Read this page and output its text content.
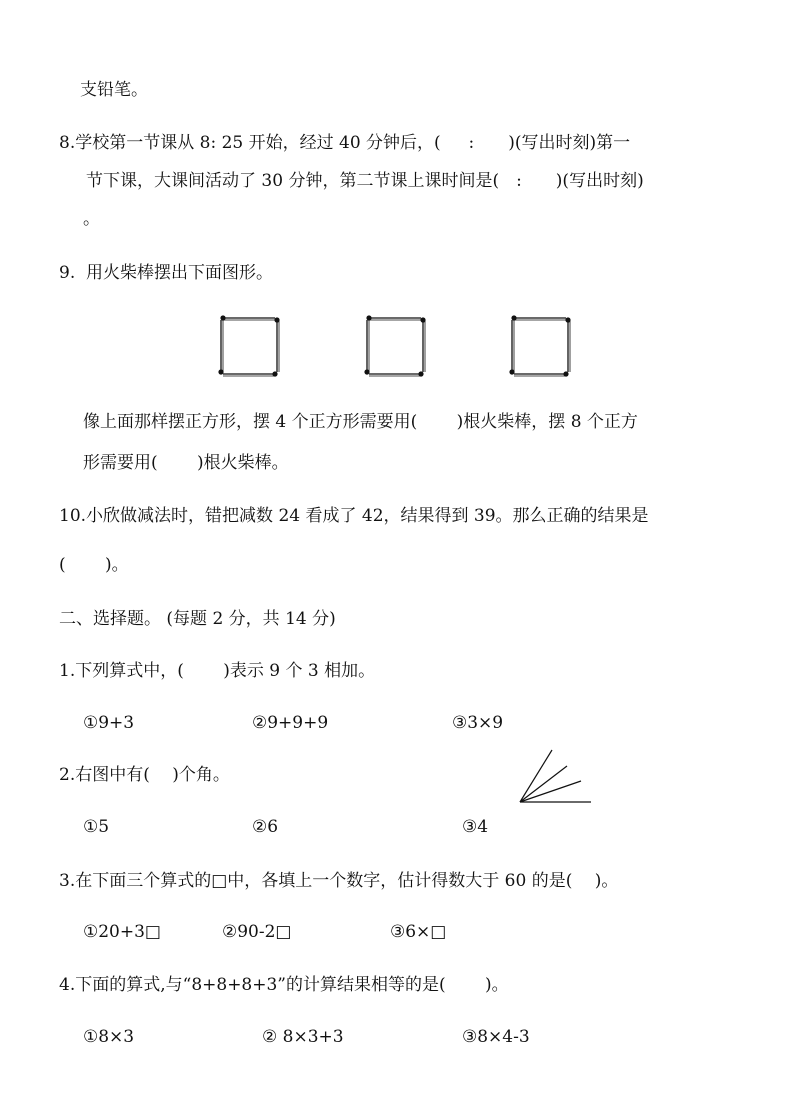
支铅笔。
8.学校第一节课从 8: 25 开始，经过 40 分钟后，(　  :　　)(写出时刻)第一
节下课，大课间活动了 30 分钟，第二节课上课时间是(　:　　)(写出时刻)
。
9.  用火柴棒摆出下面图形。
像上面那样摆正方形，摆 4 个正方形需要用(　　 )根火柴棒，摆 8 个正方
形需要用(　　 )根火柴棒。
10.小欣做减法时，错把减数 24 看成了 42，结果得到 39。那么正确的结果是
(　　 )。
二、选择题。 (每题 2 分，共 14 分)
1.下列算式中，(　　 )表示 9 个 3 相加。
①9+3	②9+9+9	③3×9
2.右图中有(　 )个角。
①5	②6	③4
3.在下面三个算式的□中，各填上一个数字，估计得数大于 60 的是(　 )。
①20+3□	②90-2□	③6×□
4.下面的算式,与“8+8+8+3”的计算结果相等的是(　　 )。
①8×3	② 8×3+3	③8×4-3
